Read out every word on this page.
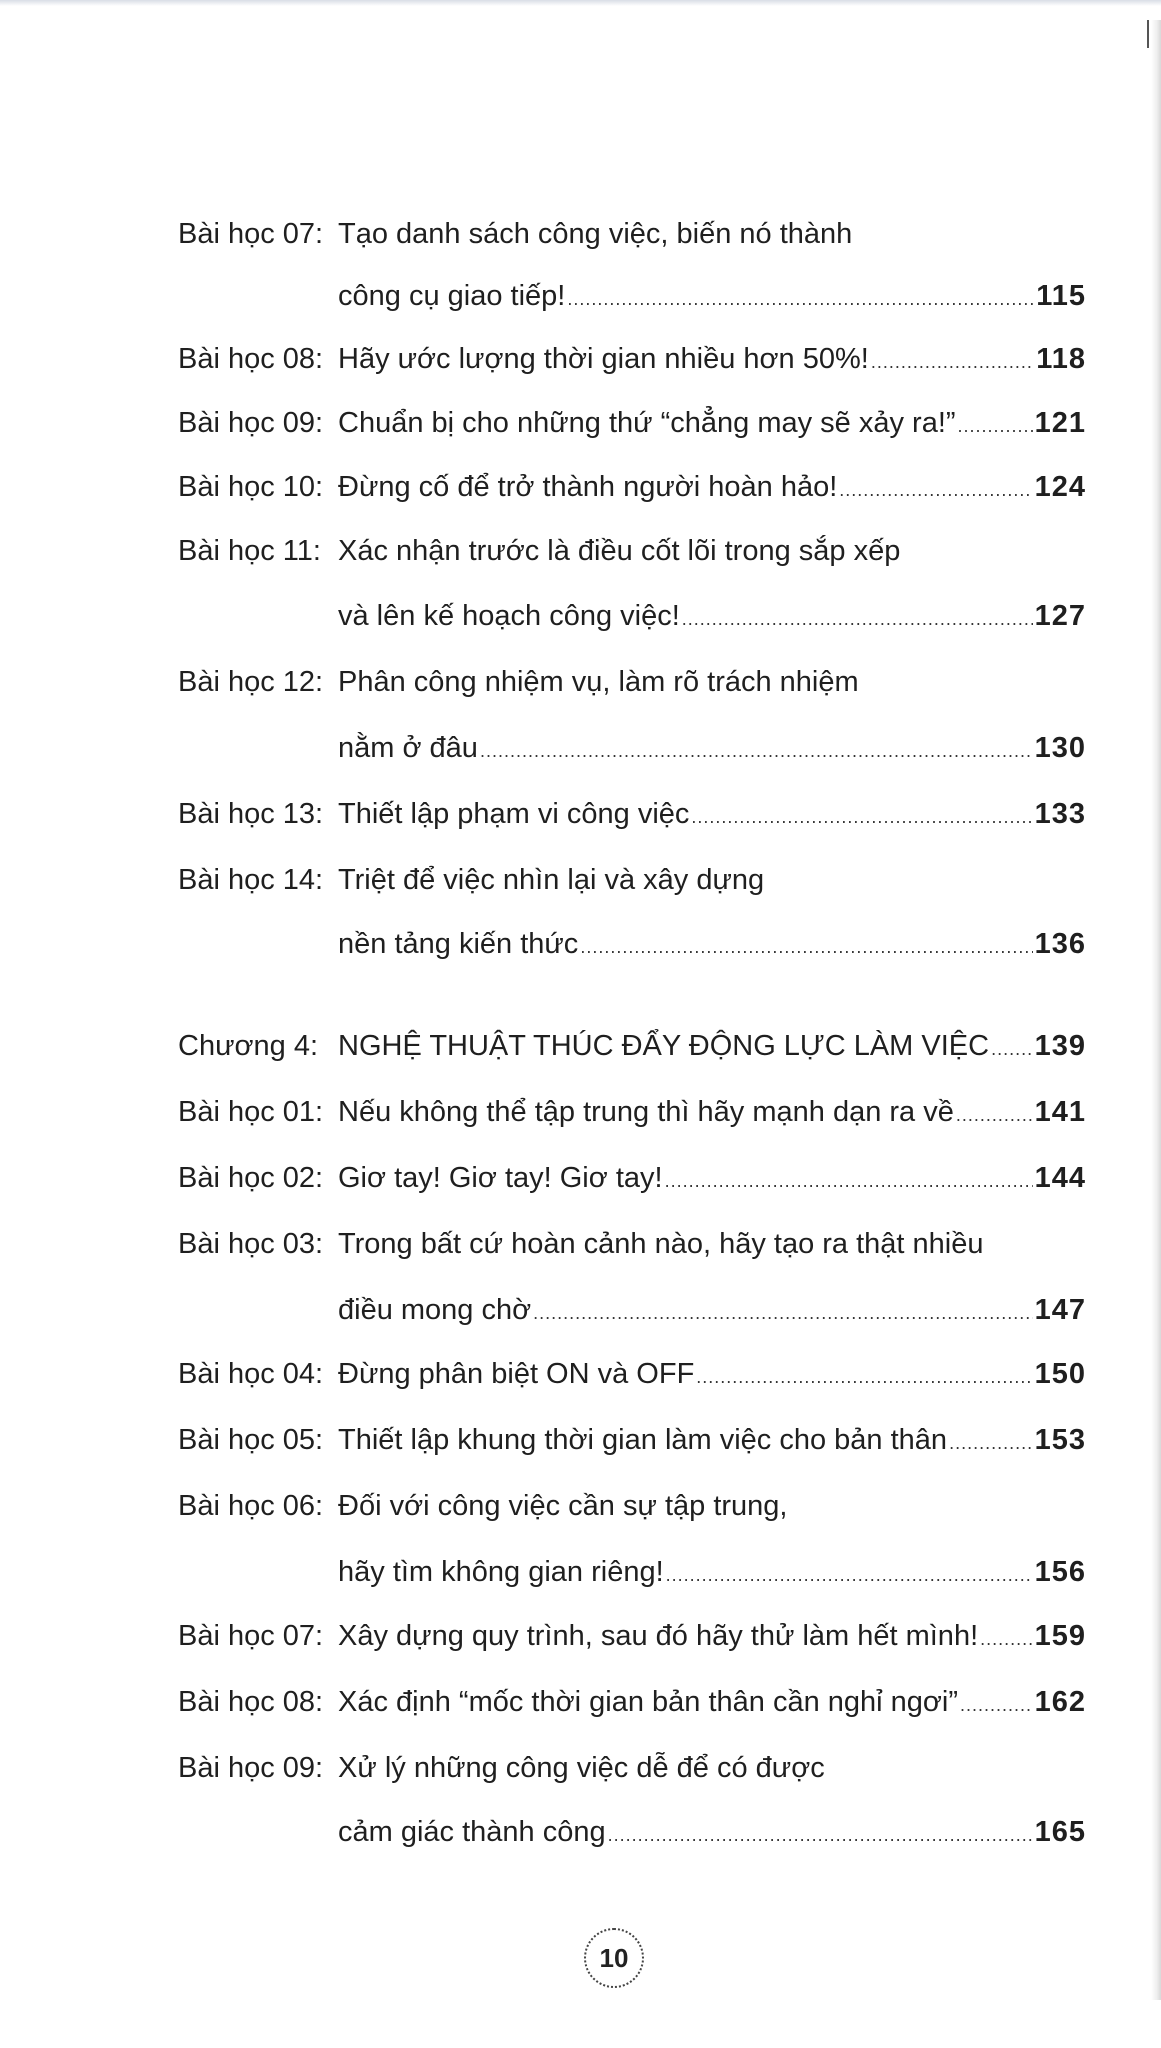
Bài học 07: Tạo danh sách công việc, biến nó thành
công cụ giao tiếp! .....	115
Bài học 08: Hãy ước lượng thời gian nhiều hơn 50%! .....	118
Bài học 09: Chuẩn bị cho những thứ “chẳng may sẽ xảy ra!” .....	121
Bài học 10: Đừng cố để trở thành người hoàn hảo! .....	124
Bài học 11: Xác nhận trước là điều cốt lõi trong sắp xếp
và lên kế hoạch công việc! .....	127
Bài học 12: Phân công nhiệm vụ, làm rõ trách nhiệm
nằm ở đâu .....	130
Bài học 13: Thiết lập phạm vi công việc .....	133
Bài học 14: Triệt để việc nhìn lại và xây dựng
nền tảng kiến thức .....	136
Chương 4: NGHỆ THUẬT THÚC ĐẨY ĐỘNG LỰC LÀM VIỆC ..... 139
Bài học 01: Nếu không thể tập trung thì hãy mạnh dạn ra về .....	141
Bài học 02: Giơ tay! Giơ tay! Giơ tay! .....	144
Bài học 03: Trong bất cứ hoàn cảnh nào, hãy tạo ra thật nhiều
điều mong chờ .....	147
Bài học 04: Đừng phân biệt ON và OFF .....	150
Bài học 05: Thiết lập khung thời gian làm việc cho bản thân .....	153
Bài học 06: Đối với công việc cần sự tập trung,
hãy tìm không gian riêng! .....	156
Bài học 07: Xây dựng quy trình, sau đó hãy thử làm hết mình! ..... 159
Bài học 08: Xác định “mốc thời gian bản thân cần nghỉ ngơi” .....	162
Bài học 09: Xử lý những công việc dễ để có được
cảm giác thành công .....	165
10
